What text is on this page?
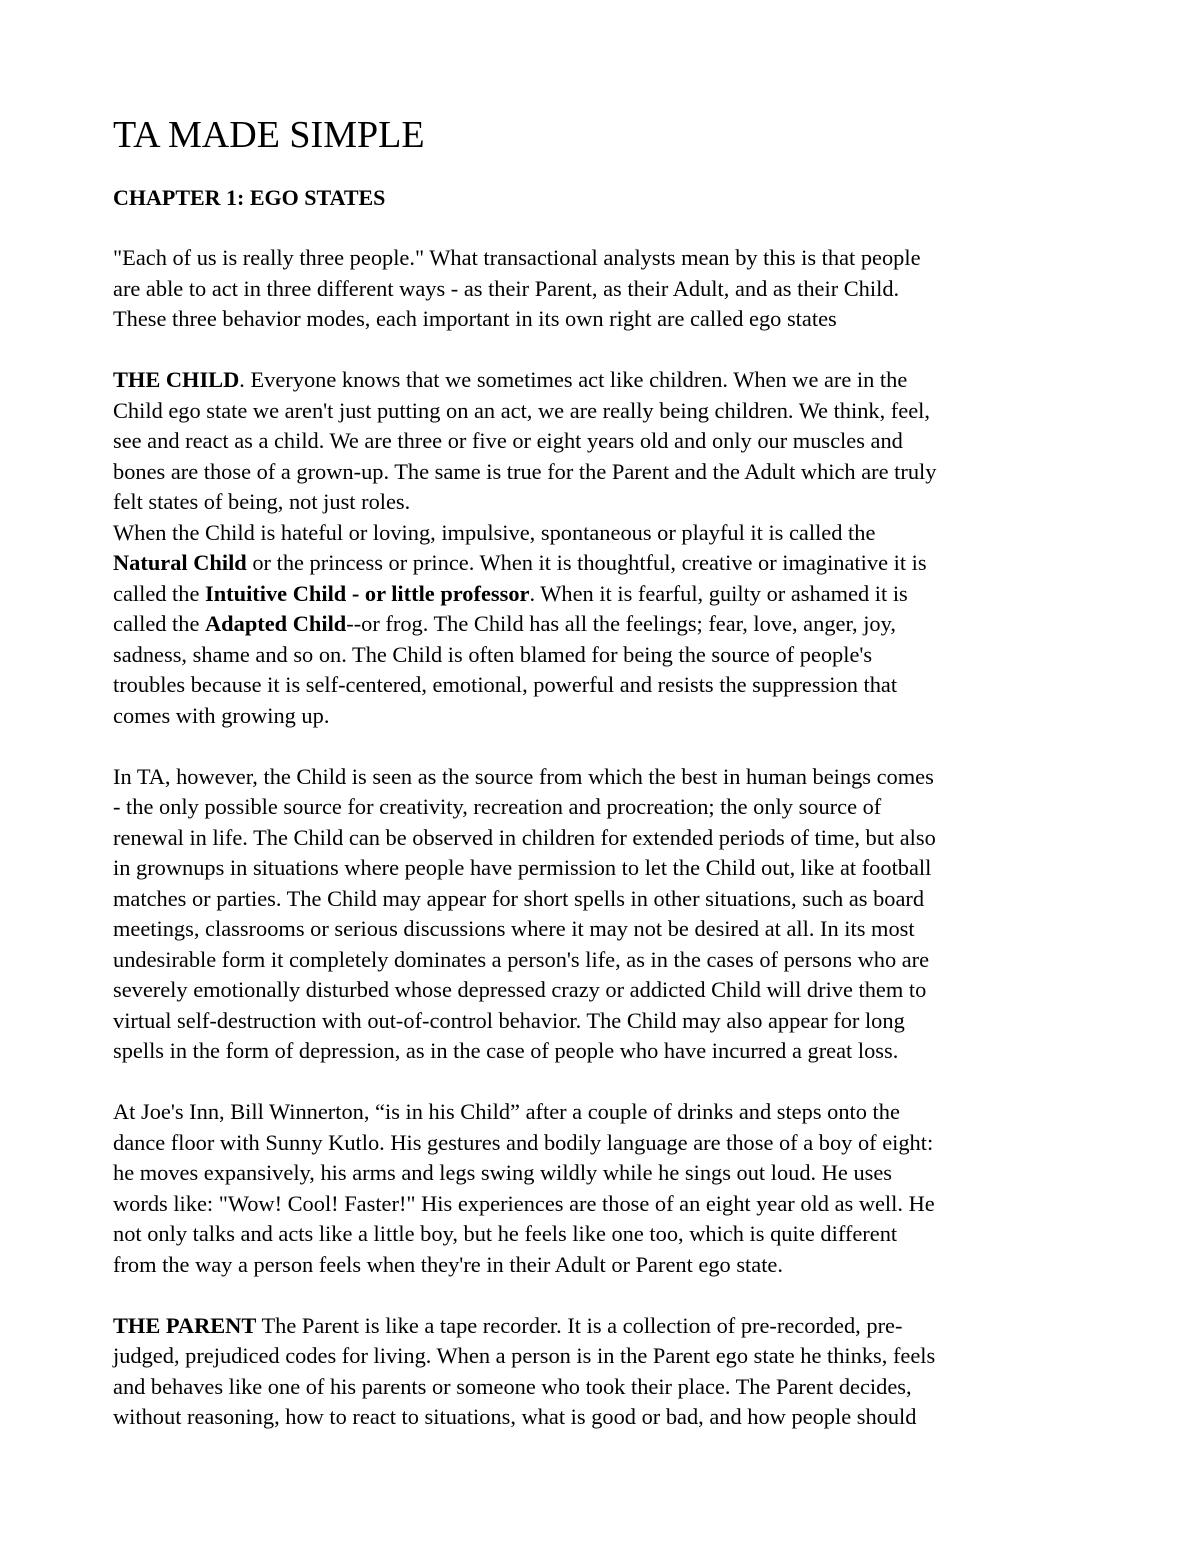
TA MADE SIMPLE
CHAPTER 1: EGO STATES
"Each of us is really three people." What transactional analysts mean by this is that people
are able to act in three different ways - as their Parent, as their Adult, and as their Child.
These three behavior modes, each important in its own right are called ego states
THE CHILD. Everyone knows that we sometimes act like children. When we are in the
Child ego state we aren't just putting on an act, we are really being children. We think, feel,
see and react as a child. We are three or five or eight years old and only our muscles and
bones are those of a grown-up. The same is true for the Parent and the Adult which are truly
felt states of being, not just roles.
When the Child is hateful or loving, impulsive, spontaneous or playful it is called the
Natural Child or the princess or prince. When it is thoughtful, creative or imaginative it is
called the Intuitive Child - or little professor. When it is fearful, guilty or ashamed it is
called the Adapted Child--or frog. The Child has all the feelings; fear, love, anger, joy,
sadness, shame and so on. The Child is often blamed for being the source of people's
troubles because it is self-centered, emotional, powerful and resists the suppression that
comes with growing up.
In TA, however, the Child is seen as the source from which the best in human beings comes
- the only possible source for creativity, recreation and procreation; the only source of
renewal in life. The Child can be observed in children for extended periods of time, but also
in grownups in situations where people have permission to let the Child out, like at football
matches or parties. The Child may appear for short spells in other situations, such as board
meetings, classrooms or serious discussions where it may not be desired at all. In its most
undesirable form it completely dominates a person's life, as in the cases of persons who are
severely emotionally disturbed whose depressed crazy or addicted Child will drive them to
virtual self-destruction with out-of-control behavior. The Child may also appear for long
spells in the form of depression, as in the case of people who have incurred a great loss.
At Joe's Inn, Bill Winnerton, “is in his Child” after a couple of drinks and steps onto the
dance floor with Sunny Kutlo. His gestures and bodily language are those of a boy of eight:
he moves expansively, his arms and legs swing wildly while he sings out loud. He uses
words like: "Wow! Cool! Faster!" His experiences are those of an eight year old as well. He
not only talks and acts like a little boy, but he feels like one too, which is quite different
from the way a person feels when they're in their Adult or Parent ego state.
THE PARENT The Parent is like a tape recorder. It is a collection of pre-recorded, pre-
judged, prejudiced codes for living. When a person is in the Parent ego state he thinks, feels
and behaves like one of his parents or someone who took their place. The Parent decides,
without reasoning, how to react to situations, what is good or bad, and how people should
